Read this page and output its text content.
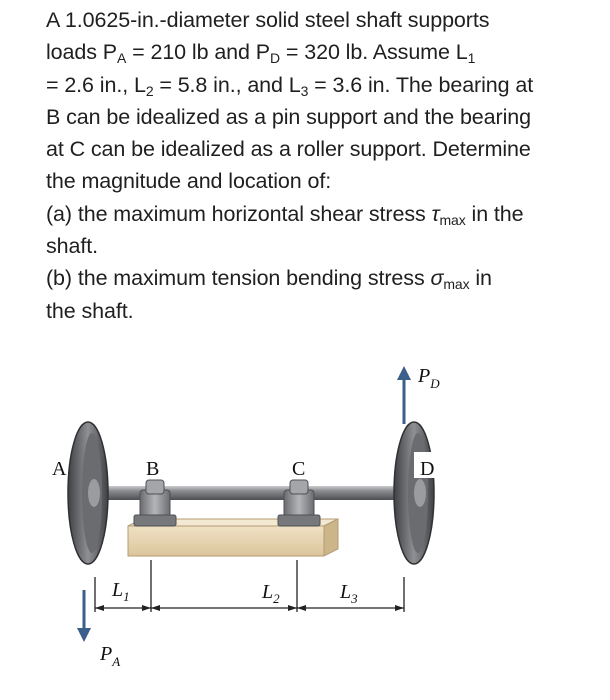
A 1.0625-in.-diameter solid steel shaft supports
loads $P_A = 210$ lb and $P_D = 320$ lb. Assume $L_1$
= 2.6 in., $L_2 = 5.8$ in., and $L_3 = 3.6$ in. The bearing at
B can be idealized as a pin support and the bearing
at C can be idealized as a roller support. Determine
the magnitude and location of:
(a) the maximum horizontal shear stress $\tau_{max}$ in the
shaft.
(b) the maximum tension bending stress $\sigma_{max}$ in
the shaft.
A	B	C	D
$L_1$	$L_2$	$L_3$
$P_A$
$P_D$
